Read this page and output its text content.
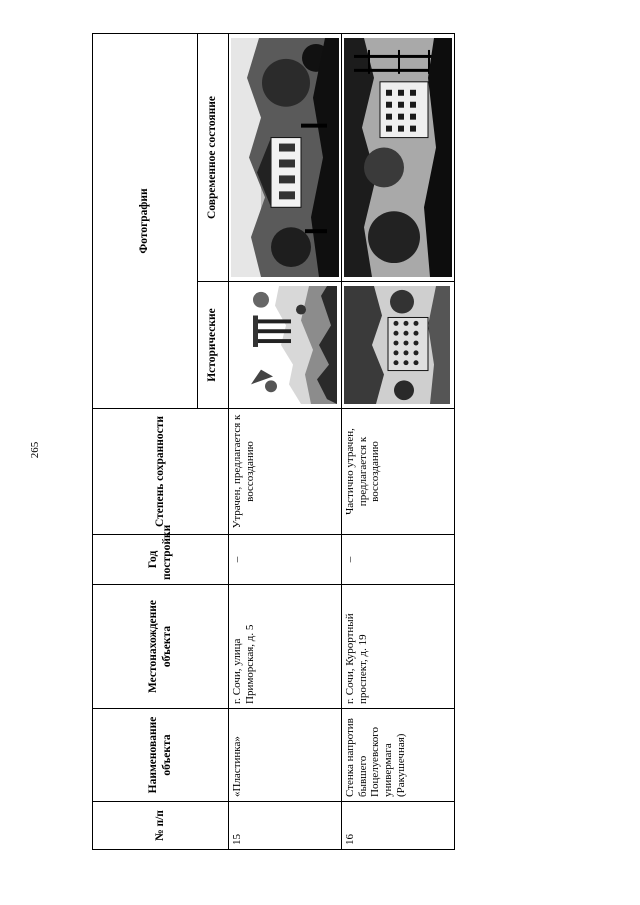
265
№ п/п	Наименование объекта	Местонахождение объекта	Год постройки	Степень сохранности	Фотографии	
					Исторические	Современное состояние
15	«Пластинка»	г. Сочи, улица Приморская, д. 5	–	Утрачен, предлагается к воссозданию	

16	Стенка напротив бывшего Поцелуевского универмага (Ракушечная)	г. Сочи, Курортный проспект, д. 19	–	Частично утрачен, предлагается к воссозданию	
